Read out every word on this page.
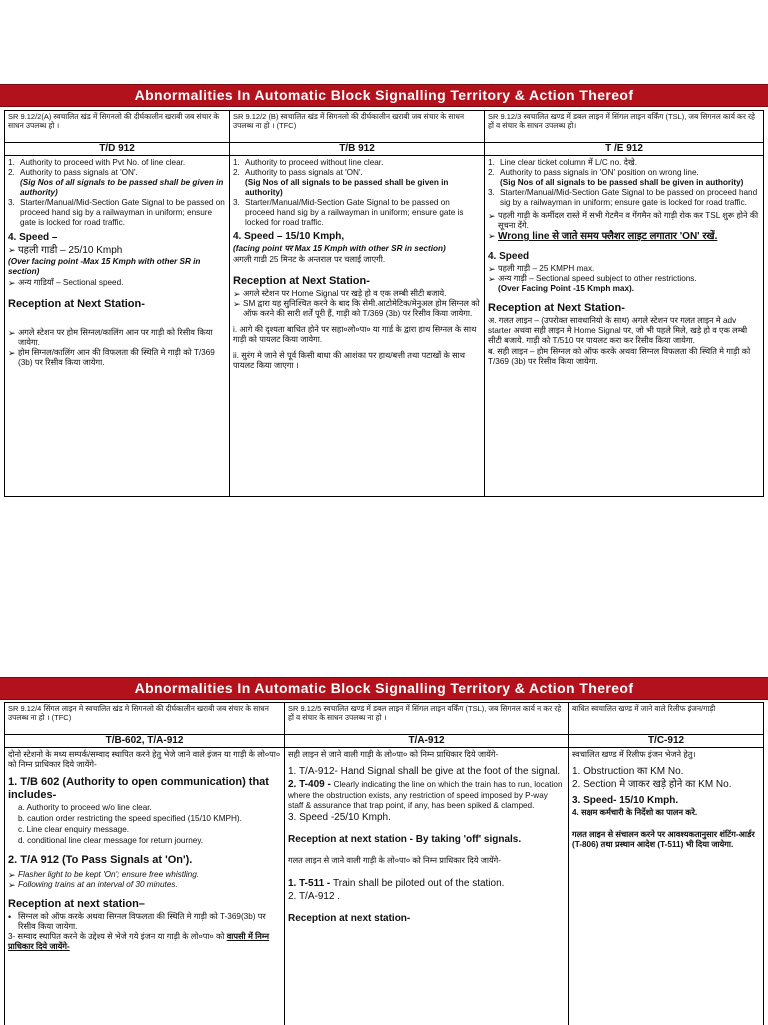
Abnormalities In Automatic Block Signalling Territory & Action Thereof
SR 9.12/2(A) स्वचालित खंड में सिगनलो की दीर्घकालीन खराबी जब संचार के साधन उपलब्ध हो ।
T/D 912
1. Authority to proceed with Pvt No. of line clear.
2. Authority to pass signals at 'ON'.
(Sig Nos of all signals to be passed shall be given in authority)
3. Starter/Manual/Mid-Section Gate Signal to be passed on proceed hand sig by a railwayman in uniform; ensure gate is locked for road traffic.

4. Speed –

➢ पहली गाडी – 25/10 Kmph

(Over facing point -Max 15 Kmph with other SR in section)

➢ अन्य गाडियाँ – Sectional speed.

Reception at Next Station-

➢ अगले स्टेशन पर होम सिग्नल/कालिंग आन पर गाड़ी को रिसीव किया जायेगा.
➢ होम सिग्नल/कालिंग आन की विफलता की स्थिति मे गाड़ी को T/369 (3b) पर रिसीव किया जायेगा.
SR 9.12/2 (B) स्वचालित खंड में सिगनलो की दीर्घकालीन खराबी जब संचार के साधन उपलब्ध ना हो । (TFC)
T/B 912
1. Authority to proceed without line clear.
2. Authority to pass signals at 'ON'.
(Sig Nos of all signals to be passed shall be given in authority)
3. Starter/Manual/Mid-Section Gate Signal to be passed on proceed hand sig by a railwayman in uniform; ensure gate is locked for road traffic.

4. Speed – 15/10 Kmph,

(facing point पर Max 15 Kmph with other SR in section)

अगली गाडी 25 मिनट के अन्तराल पर चलाई जाएगी.

Reception at Next Station-

➢ अगले स्टेशन पर Home Signal पर खड़े हो व एक लम्बी सीटी बजाये.
➢ SM द्वारा यह सुनिश्चित करने के बाद कि सेमी.आटोमेटिक/मेनुअल होम सिग्नल को ऑफ करने की सारी शर्तें पूरी हैं, गाड़ी को T/369 (3b) पर रिसीव किया जायेगा.

i. आगे की दृश्यता बाधित होने पर सहा०लो०पा० या गार्ड के द्वारा हाथ सिग्नल के साथ गाड़ी को पायलट किया जायेगा.

ii. सुरंग मे जाने से पूर्व किसी बाधा की आशंका पर हाथ/बत्ती तथा पटाखों के साथ पायलट किया जाएगा ।

SR 9.12/3 स्वचालित खण्ड में डबल लाइन में सिंगल लाइन वर्किंग (TSL), जब सिगनल कार्य कर रहे हों व संचार के साधन उपलब्ध हो।
T /E 912
1. Line clear ticket column में L/C no. देखे.
2. Authority to pass signals in 'ON' position on wrong line.
(Sig Nos of all signals to be passed shall be given in authority)
3. Starter/Manual/Mid-Section Gate Signal to be passed on proceed hand sig by a railwayman in uniform; ensure gate is locked for road traffic.
➢ पहली गाड़ी के कर्मीदल रास्ते में सभी गेटमैन व गेंगमैन को गाड़ी रोक कर TSL शुरू होने की सूचना देंगे.
➢ Wrong line से जाते समय फ्लैशर लाइट लगातार 'ON' रखें.

4. Speed

➢ पहली गाड़ी – 25 KMPH max.
➢ अन्य गाड़ी – Sectional speed subject to other restrictions.

(Over Facing Point -15 Kmph max).

Reception at Next Station-

अ. गलत लाइन – (उपरोक्त सावधानियो के साथ) अगले स्टेशन पर गलत लाइन मे adv starter अथवा सही लाइन मे Home Signal पर, जो भी पहले मिले, खड़े हो व एक लम्बी सीटी बजाये. गाड़ी को T/510 पर पायलट करा कर रिसीव किया जायेगा.

ब. सही लाइन – होम सिग्नल को ऑफ करके अथवा सिग्नल विफलता की स्थिति मे गाड़ी को T/369 (3b) पर रिसीव किया जायेगा.

Abnormalities In Automatic Block Signalling Territory & Action Thereof
SR 9.12/4 सिंगल लाइन मे स्वचालित खंड मे सिगनलो की दीर्घकालीन खराबी जब संचार के साधन उपलब्ध ना हो । (TFC)
T/B-602, T/A-912

दोनो स्टेशनो के मध्य सम्पर्क/सम्वाद स्थापित करने हेतु भेजे जाने वाले इंजन या गाड़ी के लो०पा० को निम्न प्राधिकार दिये जायेंगे-

1. T/B 602 (Authority to open communication) that includes-

a. Authority to proceed w/o line clear.

b. caution order restricting the speed specified (15/10 KMPH).

c. Line clear enquiry message.

d. conditional line clear message for return journey.

2. T/A 912 (To Pass Signals at 'On').

➢ Flasher light to be kept 'On'; ensure free whistling.
➢ Following trains at an interval of 30 minutes.

Reception at next station–

• सिग्नल को ऑफ करके अथवा सिग्नल विफलता की स्थिति मे गाड़ी को T-369(3b) पर रिसीव किया जायेगा.

3- सम्वाद स्थापित करने के उद्देश्य से भेजे गये इंजन या गाड़ी के लो०पा० को वापसी में निम्न प्राधिकार दिये जायेंगे-

SR 9.12/5 स्वचालित खण्ड में डबल लाइन में सिंगल लाइन वर्किंग (TSL), जब सिगनल कार्य न कर रहे हों व संचार के साधन उपलब्ध ना हो ।
T/A-912

सही लाइन से जाने वाली गाड़ी के लो०पा० को निम्न प्राधिकार दिये जायेंगे-

1. T/A-912- Hand Signal shall be give at the foot of the signal.

2. T-409 - Clearly indicating the line on which the train has to run, location where the obstruction exists, any restriction of speed imposed by P-way staff & assurance that trap point, if any, has been spiked & clamped.

3. Speed -25/10 Kmph.

Reception at next station - By taking 'off' signals.

गलत लाइन से जाने वाली गाड़ी के लो०पा० को निम्न प्राधिकार दिये जायेंगे-

1. T-511 - Train shall be piloted out of the station.

2. T/A-912 .

Reception at next station-

बाधित स्वचालित खण्ड में जाने वाले रिलीफ इंजन/गाड़ी
T/C-912

स्वचालित खण्ड में रिलीफ इंजन भेजने हेतु।

1. Obstruction का KM No.

2. Section मे जाकर खड़े होने का KM No.

3. Speed- 15/10 Kmph.

4. सक्षम कर्मचारी के निर्देशो का पालन करे.

गलत लाइन से संचालन करने पर आवश्यकतानुसार शंटिंग-आर्डर (T-806) तथा प्रस्थान आदेश (T-511) भी दिया जायेगा.
